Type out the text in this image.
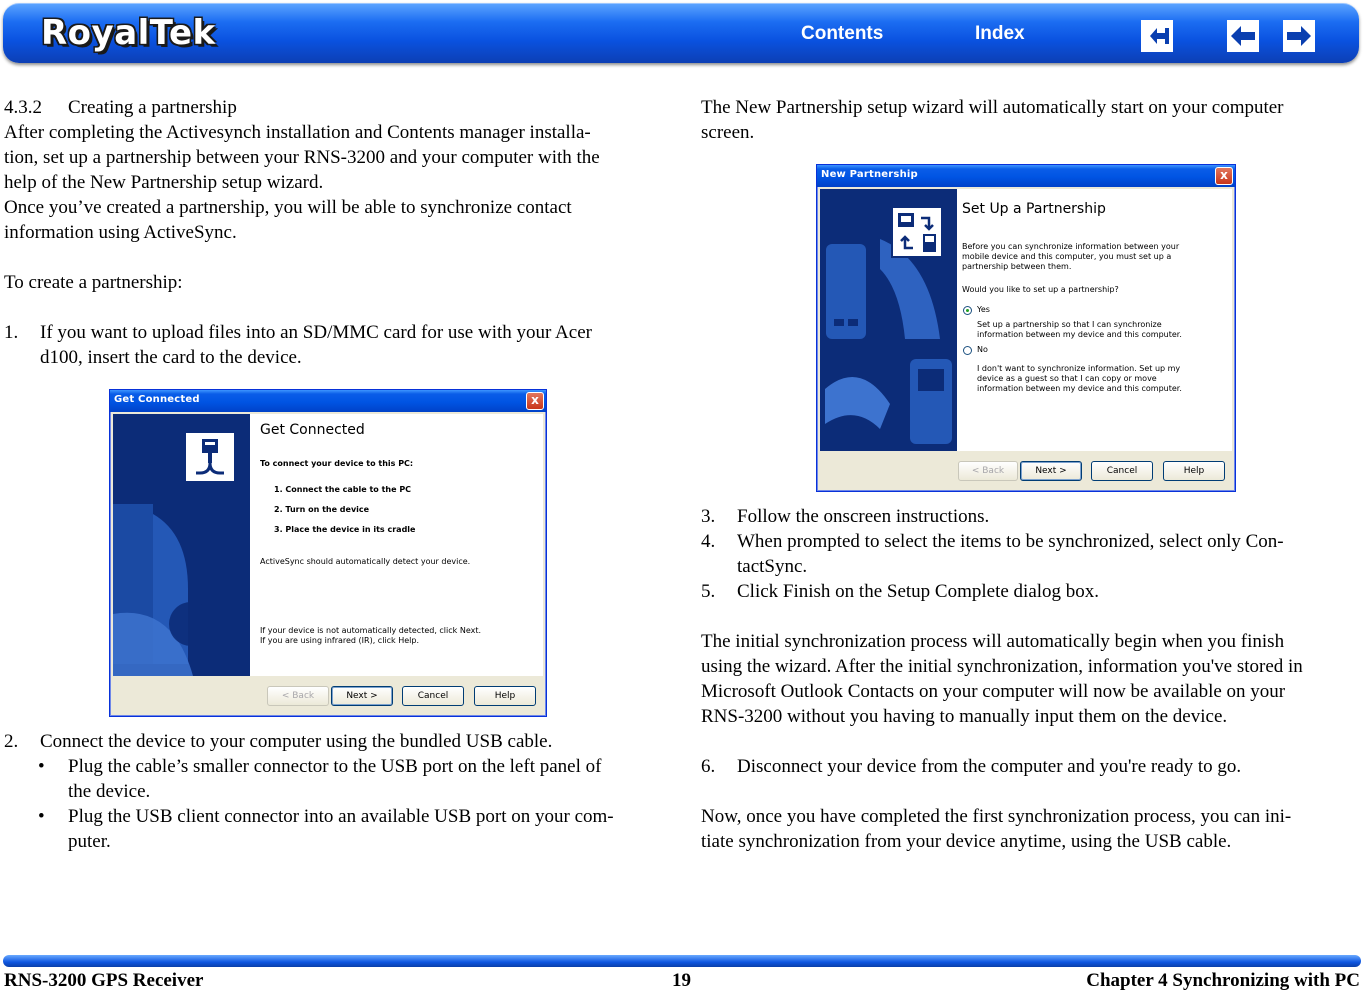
RoyalTek	Contents	Index

4.3.2 Creating a partnership

After completing the Activesynch installation and Contents manager installa-

tion, set up a partnership between your RNS-3200 and your computer with the

help of the New Partnership setup wizard.

Once you’ve created a partnership, you will be able to synchronize contact

information using ActiveSync.

To create a partnership:

1. If you want to upload files into an SD/MMC card for use with your Acer

d100, insert the card to the device.

2. Connect the device to your computer using the bundled USB cable.

• Plug the cable’s smaller connector to the USB port on the left panel of

the device.

• Plug the USB client connector into an available USB port on your com-

puter.

Get Connected	x
Get Connected
To connect your device to this PC:
1. Connect the cable to the PC
2. Turn on the device
3. Place the device in its cradle
ActiveSync should automatically detect your device.
If your device is not automatically detected, click Next.
If you are using infrared (IR), click Help.
< Back	Next >	Cancel	Help

The New Partnership setup wizard will automatically start on your computer

screen.

New Partnership	x
Set Up a Partnership
Before you can synchronize information between your
mobile device and this computer, you must set up a
partnership between them.
Would you like to set up a partnership?
Yes
Set up a partnership so that I can synchronize
information between my device and this computer.
No
I don't want to synchronize information. Set up my
device as a guest so that I can copy or move
information between my device and this computer.
< Back	Next >	Cancel	Help

3. Follow the onscreen instructions.

4. When prompted to select the items to be synchronized, select only Con-

tactSync.

5. Click Finish on the Setup Complete dialog box.

The initial synchronization process will automatically begin when you finish

using the wizard. After the initial synchronization, information you've stored in

Microsoft Outlook Contacts on your computer will now be available on your

RNS-3200 without you having to manually input them on the device.

6. Disconnect your device from the computer and you're ready to go.

Now, once you have completed the first synchronization process, you can ini-

tiate synchronization from your device anytime, using the USB cable.

RNS-3200 GPS Receiver	19	Chapter 4 Synchronizing with PC
